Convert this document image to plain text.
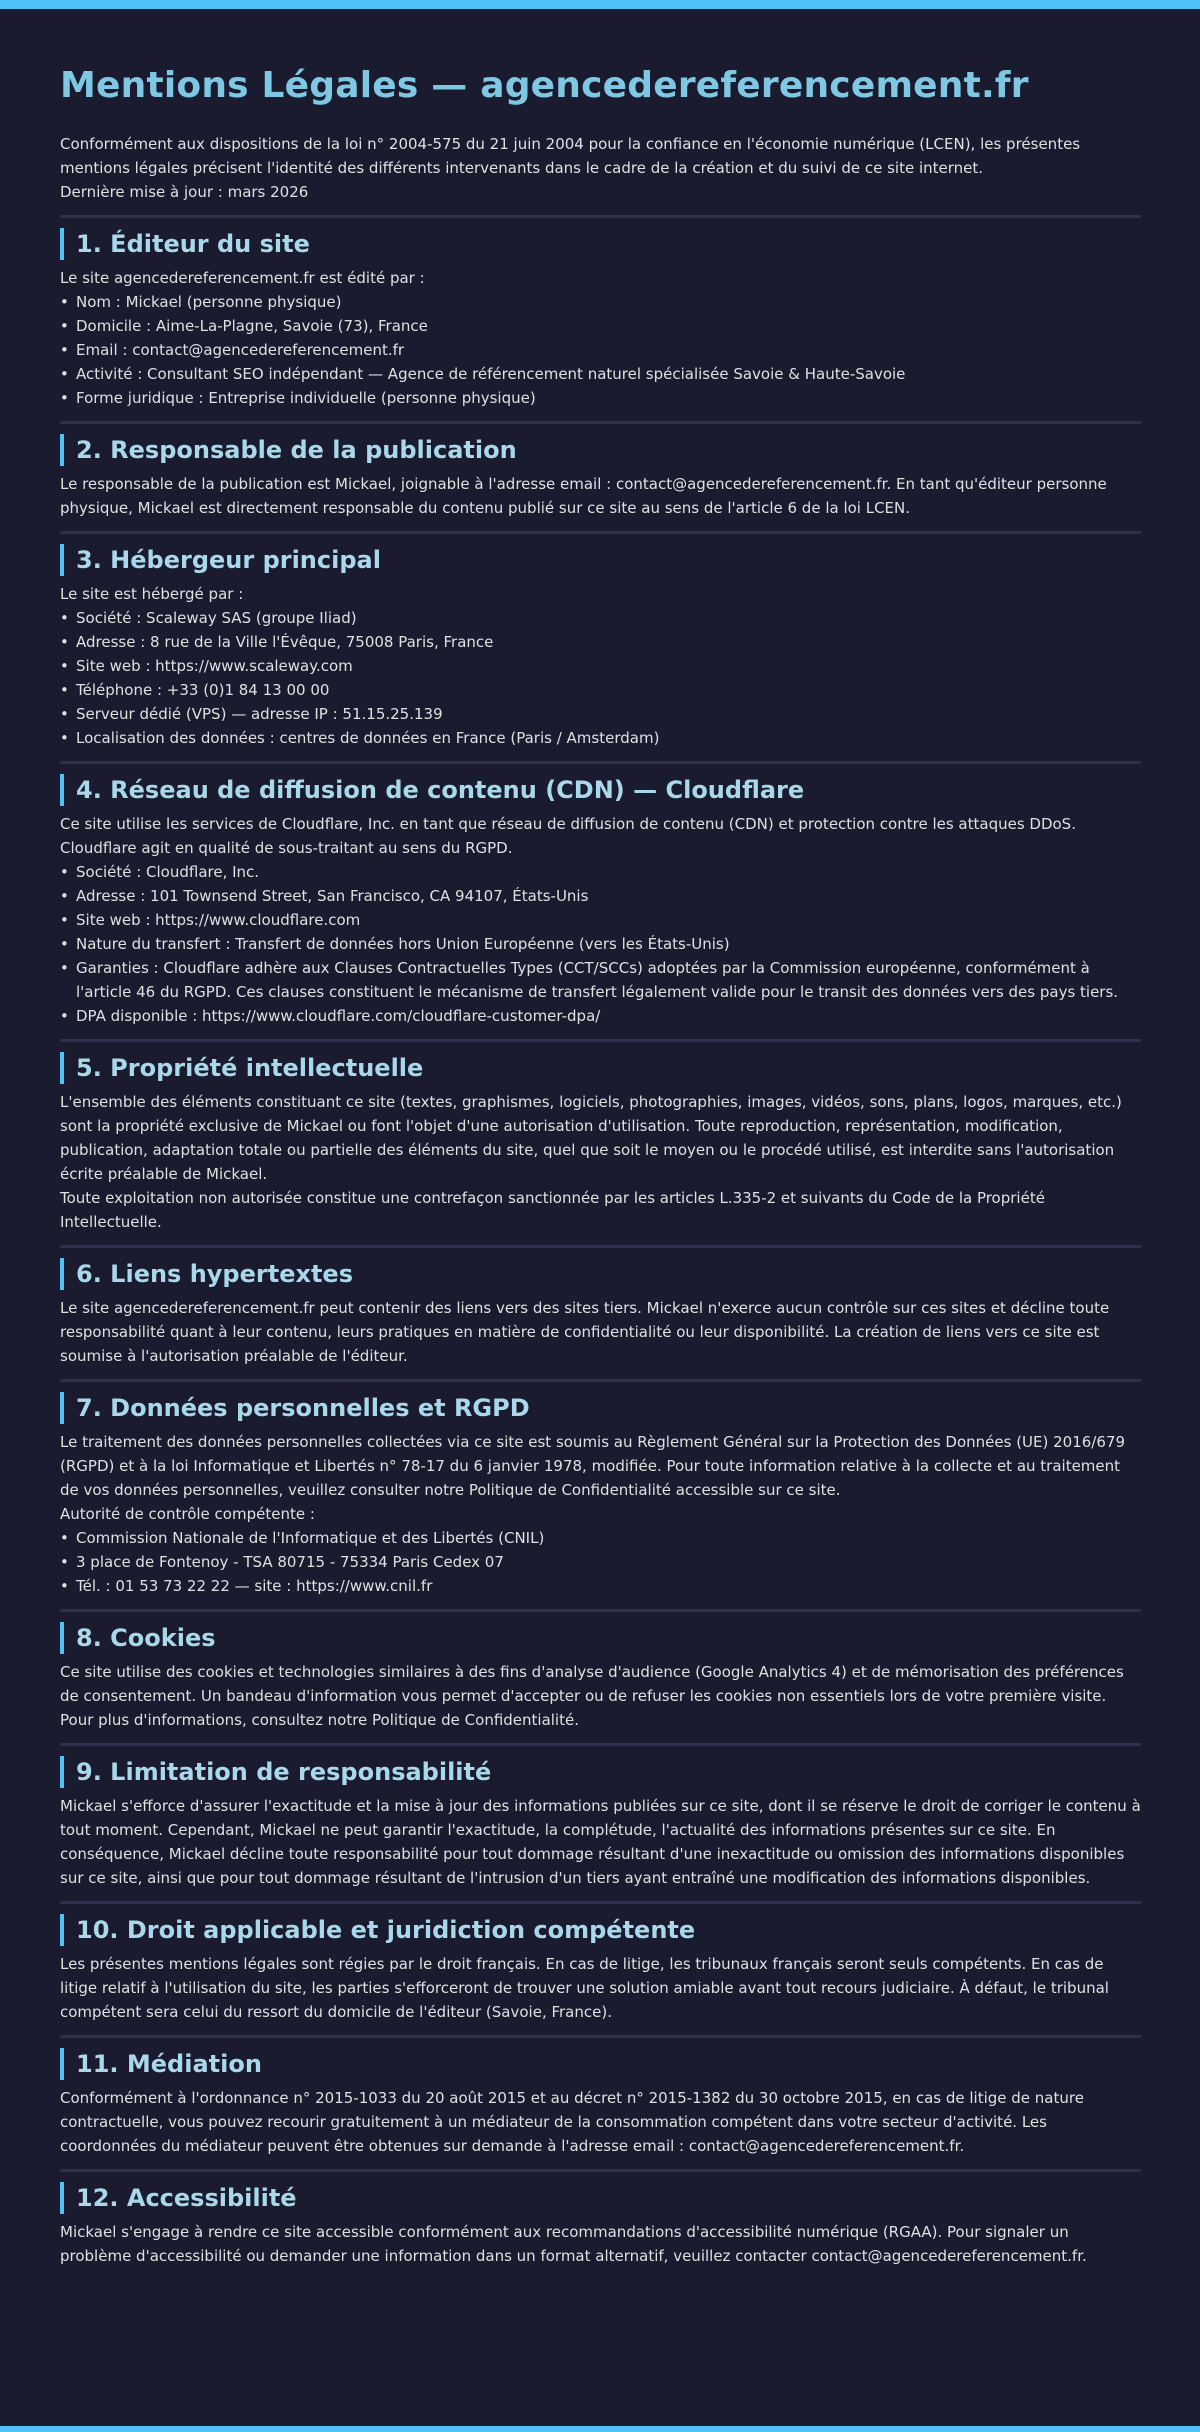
Mentions Légales — agencedereferencement.fr

Conformément aux dispositions de la loi n° 2004-575 du 21 juin 2004 pour la confiance en l'économie numérique (LCEN), les présentes mentions légales précisent l'identité des différents intervenants dans le cadre de la création et du suivi de ce site internet.
Dernière mise à jour : mars 2026

1. Éditeur du site

Le site agencedereferencement.fr est édité par :

• Nom : Mickael (personne physique)
• Domicile : Aime-La-Plagne, Savoie (73), France
• Email : contact@agencedereferencement.fr
• Activité : Consultant SEO indépendant — Agence de référencement naturel spécialisée Savoie & Haute-Savoie
• Forme juridique : Entreprise individuelle (personne physique)
2. Responsable de la publication

Le responsable de la publication est Mickael, joignable à l'adresse email : contact@agencedereferencement.fr. En tant qu'éditeur personne physique, Mickael est directement responsable du contenu publié sur ce site au sens de l'article 6 de la loi LCEN.

3. Hébergeur principal

Le site est hébergé par :

• Société : Scaleway SAS (groupe Iliad)
• Adresse : 8 rue de la Ville l'Évêque, 75008 Paris, France
• Site web : https://www.scaleway.com
• Téléphone : +33 (0)1 84 13 00 00
• Serveur dédié (VPS) — adresse IP : 51.15.25.139
• Localisation des données : centres de données en France (Paris / Amsterdam)
4. Réseau de diffusion de contenu (CDN) — Cloudflare

Ce site utilise les services de Cloudflare, Inc. en tant que réseau de diffusion de contenu (CDN) et protection contre les attaques DDoS. Cloudflare agit en qualité de sous-traitant au sens du RGPD.

• Société : Cloudflare, Inc.
• Adresse : 101 Townsend Street, San Francisco, CA 94107, États-Unis
• Site web : https://www.cloudflare.com
• Nature du transfert : Transfert de données hors Union Européenne (vers les États-Unis)
• Garanties : Cloudflare adhère aux Clauses Contractuelles Types (CCT/SCCs) adoptées par la Commission européenne, conformément à l'article 46 du RGPD. Ces clauses constituent le mécanisme de transfert légalement valide pour le transit des données vers des pays tiers.
• DPA disponible : https://www.cloudflare.com/cloudflare-customer-dpa/
5. Propriété intellectuelle

L'ensemble des éléments constituant ce site (textes, graphismes, logiciels, photographies, images, vidéos, sons, plans, logos, marques, etc.) sont la propriété exclusive de Mickael ou font l'objet d'une autorisation d'utilisation. Toute reproduction, représentation, modification, publication, adaptation totale ou partielle des éléments du site, quel que soit le moyen ou le procédé utilisé, est interdite sans l'autorisation écrite préalable de Mickael.

Toute exploitation non autorisée constitue une contrefaçon sanctionnée par les articles L.335-2 et suivants du Code de la Propriété Intellectuelle.

6. Liens hypertextes

Le site agencedereferencement.fr peut contenir des liens vers des sites tiers. Mickael n'exerce aucun contrôle sur ces sites et décline toute responsabilité quant à leur contenu, leurs pratiques en matière de confidentialité ou leur disponibilité. La création de liens vers ce site est soumise à l'autorisation préalable de l'éditeur.

7. Données personnelles et RGPD

Le traitement des données personnelles collectées via ce site est soumis au Règlement Général sur la Protection des Données (UE) 2016/679 (RGPD) et à la loi Informatique et Libertés n° 78-17 du 6 janvier 1978, modifiée. Pour toute information relative à la collecte et au traitement de vos données personnelles, veuillez consulter notre Politique de Confidentialité accessible sur ce site.

Autorité de contrôle compétente :

• Commission Nationale de l'Informatique et des Libertés (CNIL)
• 3 place de Fontenoy - TSA 80715 - 75334 Paris Cedex 07
• Tél. : 01 53 73 22 22 — site : https://www.cnil.fr
8. Cookies

Ce site utilise des cookies et technologies similaires à des fins d'analyse d'audience (Google Analytics 4) et de mémorisation des préférences de consentement. Un bandeau d'information vous permet d'accepter ou de refuser les cookies non essentiels lors de votre première visite. Pour plus d'informations, consultez notre Politique de Confidentialité.

9. Limitation de responsabilité

Mickael s'efforce d'assurer l'exactitude et la mise à jour des informations publiées sur ce site, dont il se réserve le droit de corriger le contenu à tout moment. Cependant, Mickael ne peut garantir l'exactitude, la complétude, l'actualité des informations présentes sur ce site. En conséquence, Mickael décline toute responsabilité pour tout dommage résultant d'une inexactitude ou omission des informations disponibles sur ce site, ainsi que pour tout dommage résultant de l'intrusion d'un tiers ayant entraîné une modification des informations disponibles.

10. Droit applicable et juridiction compétente

Les présentes mentions légales sont régies par le droit français. En cas de litige, les tribunaux français seront seuls compétents. En cas de litige relatif à l'utilisation du site, les parties s'efforceront de trouver une solution amiable avant tout recours judiciaire. À défaut, le tribunal compétent sera celui du ressort du domicile de l'éditeur (Savoie, France).

11. Médiation

Conformément à l'ordonnance n° 2015-1033 du 20 août 2015 et au décret n° 2015-1382 du 30 octobre 2015, en cas de litige de nature contractuelle, vous pouvez recourir gratuitement à un médiateur de la consommation compétent dans votre secteur d'activité. Les coordonnées du médiateur peuvent être obtenues sur demande à l'adresse email : contact@agencedereferencement.fr.

12. Accessibilité

Mickael s'engage à rendre ce site accessible conformément aux recommandations d'accessibilité numérique (RGAA). Pour signaler un problème d'accessibilité ou demander une information dans un format alternatif, veuillez contacter contact@agencedereferencement.fr.
